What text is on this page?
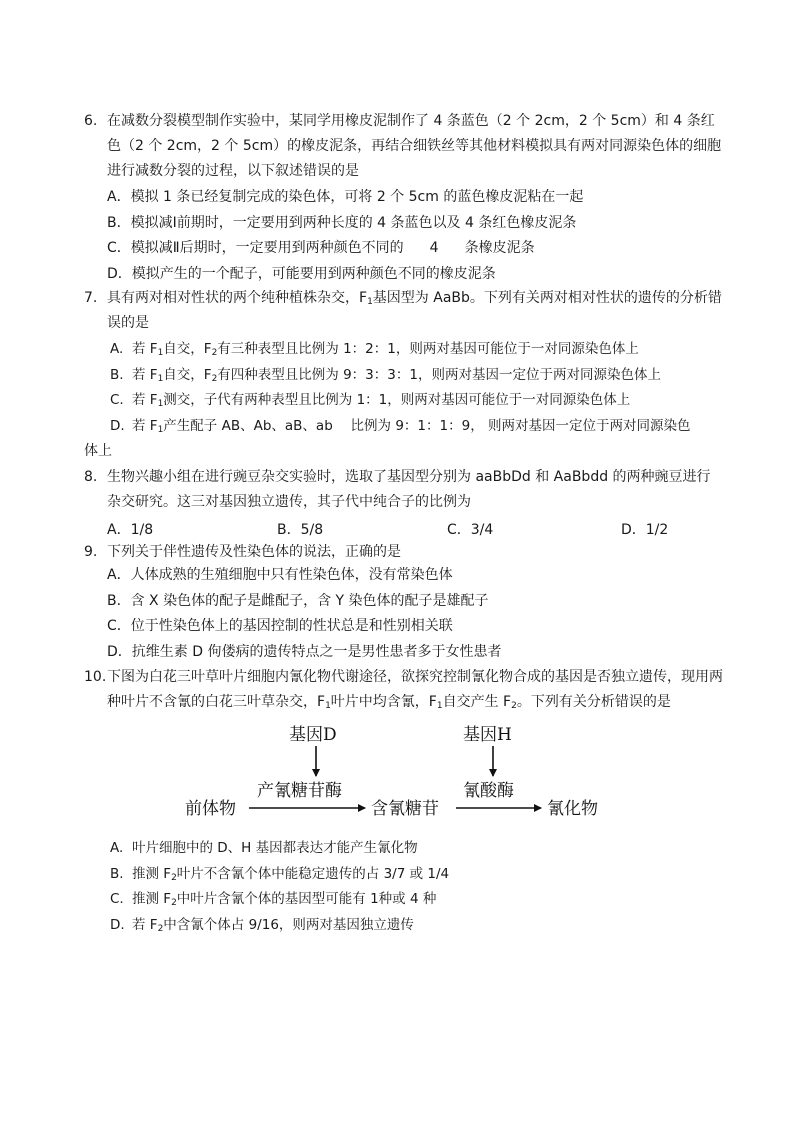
6. 在减数分裂模型制作实验中，某同学用橡皮泥制作了 4 条蓝色（2 个 2cm，2 个 5cm）和 4 条红色（2 个 2cm，2 个 5cm）的橡皮泥条，再结合细铁丝等其他材料模拟具有两对同源染色体的细胞进行减数分裂的过程，以下叙述错误的是
A．模拟 1 条已经复制完成的染色体，可将 2 个 5cm 的蓝色橡皮泥粘在一起
B．模拟减Ⅰ前期时，一定要用到两种长度的 4 条蓝色以及 4 条红色橡皮泥条
C．模拟减Ⅱ后期时，一定要用到两种颜色不同的 4 条橡皮泥条
D．模拟产生的一个配子，可能要用到两种颜色不同的橡皮泥条
7. 具有两对相对性状的两个纯种植株杂交，$F_1$基因型为 AaBb。下列有关两对相对性状的遗传的分析错误的是
A. 若 $F_1$自交，$F_2$有三种表型且比例为 1：2：1，则两对基因可能位于一对同源染色体上
B. 若 $F_1$自交，$F_2$有四种表型且比例为 9：3：3：1，则两对基因一定位于两对同源染色体上
C. 若 $F_1$测交，子代有两种表型且比例为 1：1，则两对基因可能位于一对同源染色体上
D. 若 $F_1$产生配子 AB、Ab、aB、ab　 比例为 9：1：1：9， 则两对基因一定位于两对同源染色
体上
8. 生物兴趣小组在进行豌豆杂交实验时，选取了基因型分别为 aaBbDd 和 AaBbdd 的两种豌豆进行杂交研究。这三对基因独立遗传，其子代中纯合子的比例为
A．1/8	B．5/8	C．3/4	D．1/2
9. 下列关于伴性遗传及性染色体的说法，正确的是
A．人体成熟的生殖细胞中只有性染色体，没有常染色体
B．含 X 染色体的配子是雌配子，含 Y 染色体的配子是雄配子
C．位于性染色体上的基因控制的性状总是和性别相关联
D．抗维生素 D 佝偻病的遗传特点之一是男性患者多于女性患者
10. 下图为白花三叶草叶片细胞内氰化物代谢途径，欲探究控制氰化物合成的基因是否独立遗传，现用两种叶片不含氰的白花三叶草杂交，$F_1$叶片中均含氰，$F_1$自交产生 $F_2$。下列有关分析错误的是
基因D	基因H
产氰糖苷酶	氰酸酶
前体物	含氰糖苷	氰化物
A. 叶片细胞中的 D、H 基因都表达才能产生氰化物
B. 推测 $F_2$叶片不含氰个体中能稳定遗传的占 3/7 或 1/4
C. 推测 $F_2$中叶片含氰个体的基因型可能有 1种或 4 种
D. 若 $F_2$中含氰个体占 9/16，则两对基因独立遗传
